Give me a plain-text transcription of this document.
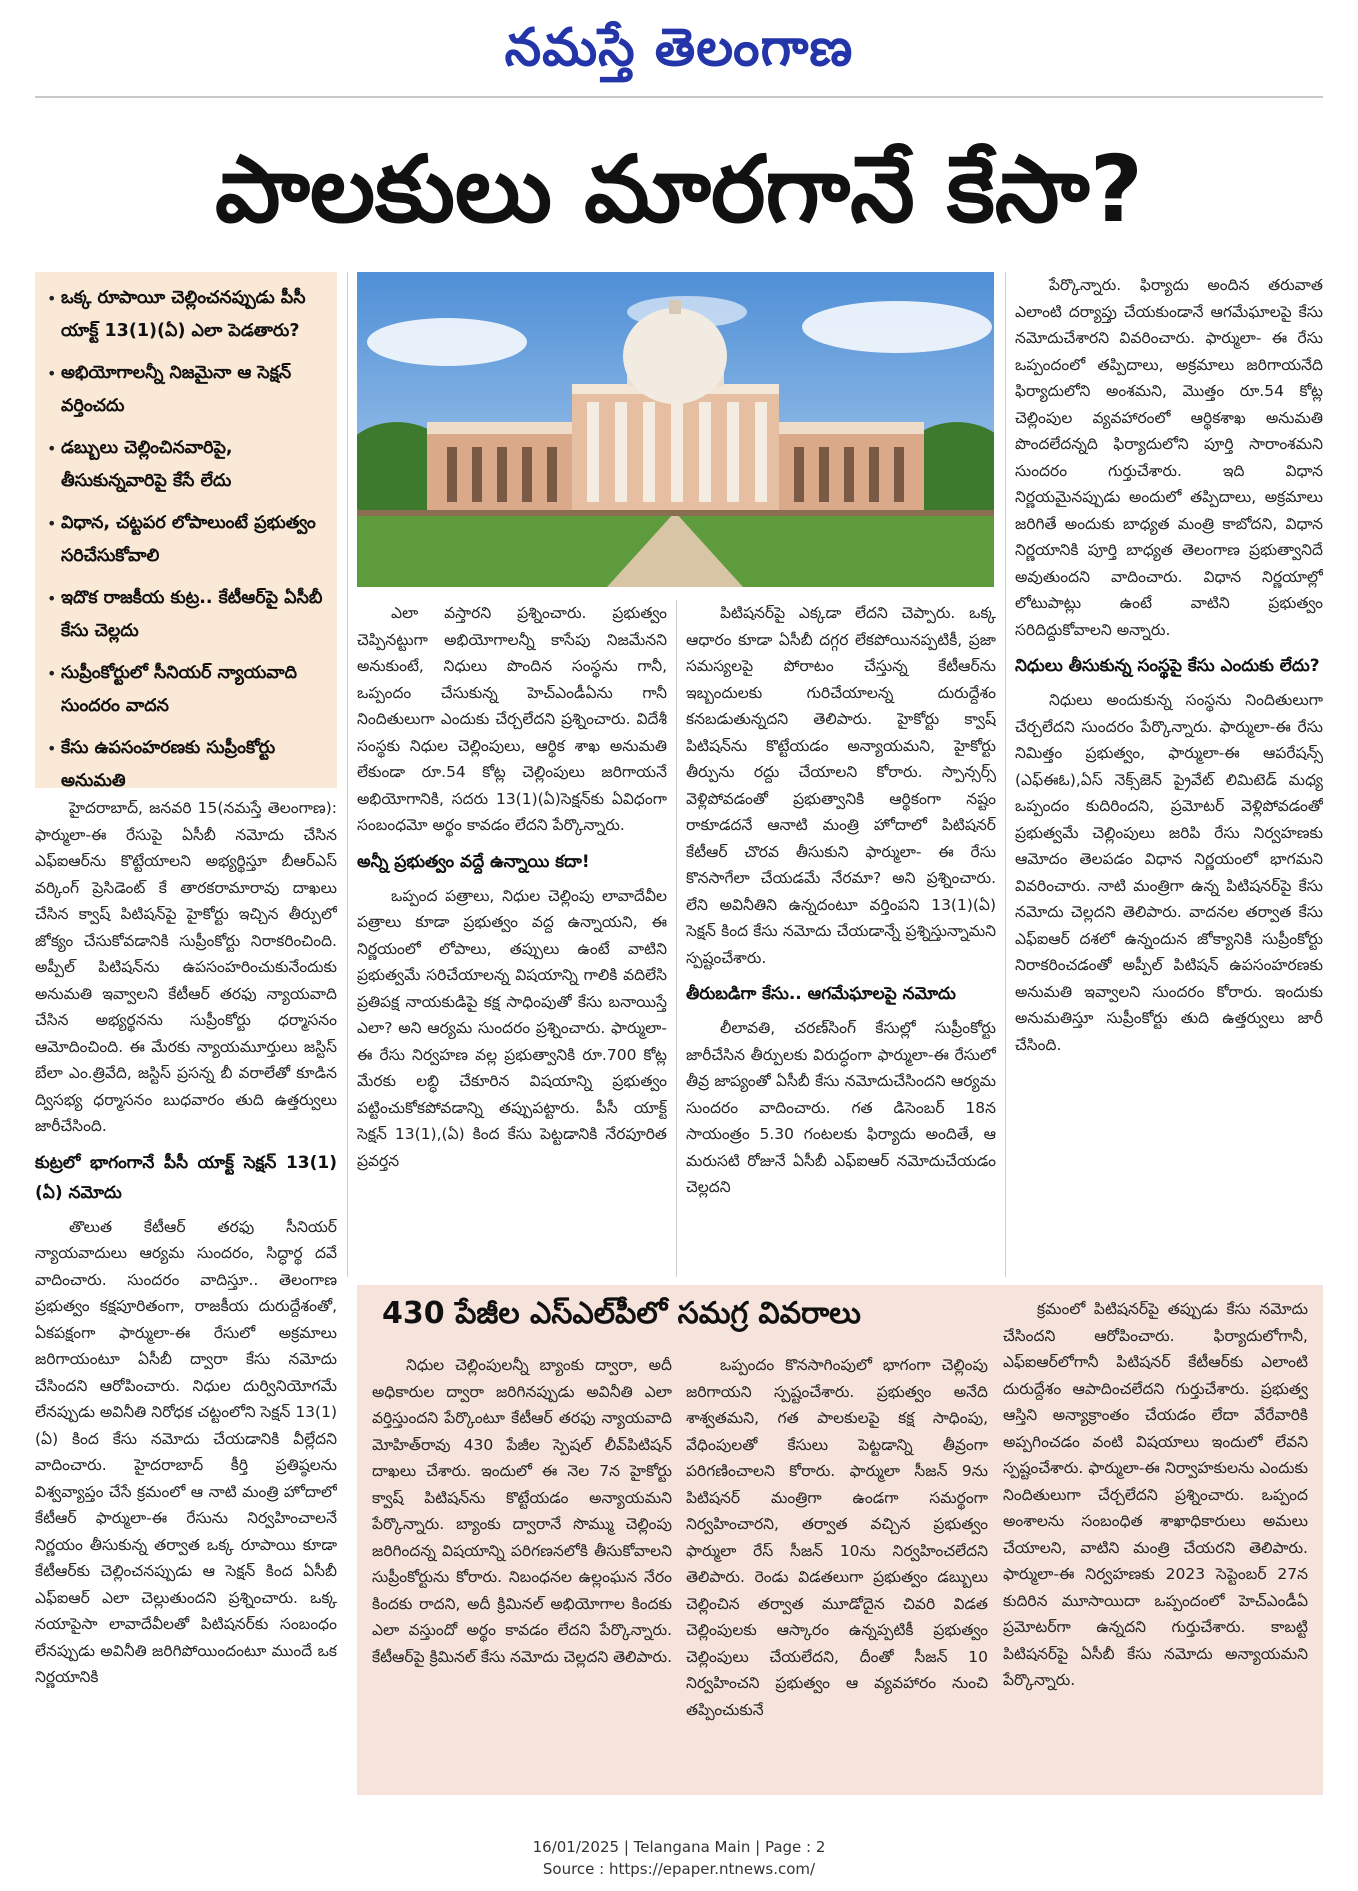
నమస్తే తెలంగాణ
పాలకులు మారగానే కేసా?
• ఒక్క రూపాయీ చెల్లించనప్పుడు పీసీ యాక్ట్ 13(1)(ఏ) ఎలా పెడతారు?
• అభియోగాలన్నీ నిజమైనా ఆ సెక్షన్ వర్తించదు
• డబ్బులు చెల్లించినవారిపై, తీసుకున్నవారిపై కేసే లేదు
• విధాన, చట్టపర లోపాలుంటే ప్రభుత్వం సరిచేసుకోవాలి
• ఇదొక రాజకీయ కుట్ర.. కేటీఆర్‌పై ఏసీబీ కేసు చెల్లదు
• సుప్రీంకోర్టులో సీనియర్ న్యాయవాది సుందరం వాదన
• కేసు ఉపసంహరణకు సుప్రీంకోర్టు అనుమతి

హైదరాబాద్, జనవరి 15(నమస్తే తెలంగాణ): ఫార్ములా-ఈ రేసుపై ఏసీబీ నమోదు చేసిన ఎఫ్ఐఆర్‌ను కొట్టేయాలని అభ్యర్థిస్తూ బీఆర్ఎస్ వర్కింగ్ ప్రెసిడెంట్ కే తారకరామారావు దాఖలు చేసిన క్వాష్ పిటిషన్‌పై హైకోర్టు ఇచ్చిన తీర్పులో జోక్యం చేసుకోవడానికి సుప్రీంకోర్టు నిరాకరించింది. అప్పీల్ పిటిషన్‌ను ఉపసంహరించుకునేందుకు అనుమతి ఇవ్వాలని కేటీఆర్ తరఫు న్యాయవాది చేసిన అభ్యర్థనను సుప్రీంకోర్టు ధర్మాసనం ఆమోదించింది. ఈ మేరకు న్యాయమూర్తులు జస్టిస్ బేలా ఎం.త్రివేది, జస్టిస్ ప్రసన్న బీ వరాలేతో కూడిన ద్విసభ్య ధర్మాసనం బుధవారం తుది ఉత్తర్వులు జారీచేసింది.

కుట్రలో భాగంగానే పీసీ యాక్ట్ సెక్షన్ 13(1)(ఏ) నమోదు

తొలుత కేటీఆర్ తరఫు సీనియర్ న్యాయవాదులు ఆర్యమ సుందరం, సిద్ధార్థ దవే వాదించారు. సుందరం వాదిస్తూ.. తెలంగాణ ప్రభుత్వం కక్షపూరితంగా, రాజకీయ దురుద్దేశంతో, ఏకపక్షంగా ఫార్ములా-ఈ రేసులో అక్రమాలు జరిగాయంటూ ఏసీబీ ద్వారా కేసు నమోదు చేసిందని ఆరోపించారు. నిధుల దుర్వినియోగమే లేనప్పుడు అవినీతి నిరోధక చట్టంలోని సెక్షన్ 13(1)(ఏ) కింద కేసు నమోదు చేయడానికి వీల్లేదని వాదించారు. హైదరాబాద్ కీర్తి ప్రతిష్ఠలను విశ్వవ్యాప్తం చేసే క్రమంలో ఆ నాటి మంత్రి హోదాలో కేటీఆర్ ఫార్ములా-ఈ రేసును నిర్వహించాలనే నిర్ణయం తీసుకున్న తర్వాత ఒక్క రూపాయి కూడా కేటీఆర్‌కు చెల్లించనప్పుడు ఆ సెక్షన్ కింద ఏసీబీ ఎఫ్ఐఆర్ ఎలా చెల్లుతుందని ప్రశ్నించారు. ఒక్క నయాపైసా లావాదేవీలతో పిటిషనర్‌కు సంబంధం లేనప్పుడు అవినీతి జరిగిపోయిందంటూ ముందే ఒక నిర్ణయానికి

ఎలా వస్తారని ప్రశ్నించారు. ప్రభుత్వం చెప్పినట్టుగా అభియోగాలన్నీ కాసేపు నిజమేనని అనుకుంటే, నిధులు పొందిన సంస్థను గానీ, ఒప్పందం చేసుకున్న హెచ్ఎండీఏను గానీ నిందితులుగా ఎందుకు చేర్చలేదని ప్రశ్నించారు. విదేశీ సంస్థకు నిధుల చెల్లింపులు, ఆర్థిక శాఖ అనుమతి లేకుండా రూ.54 కోట్ల చెల్లింపులు జరిగాయనే అభియోగానికి, సదరు 13(1)(ఏ)సెక్షన్‌కు ఏవిధంగా సంబంధమో అర్థం కావడం లేదని పేర్కొన్నారు.

అన్నీ ప్రభుత్వం వద్దే ఉన్నాయి కదా!

ఒప్పంద పత్రాలు, నిధుల చెల్లింపు లావాదేవీల పత్రాలు కూడా ప్రభుత్వం వద్ద ఉన్నాయని, ఈ నిర్ణయంలో లోపాలు, తప్పులు ఉంటే వాటిని ప్రభుత్వమే సరిచేయాలన్న విషయాన్ని గాలికి వదిలేసి ప్రతిపక్ష నాయకుడిపై కక్ష సాధింపుతో కేసు బనాయిస్తే ఎలా? అని ఆర్యమ సుందరం ప్రశ్నించారు. ఫార్ములా- ఈ రేసు నిర్వహణ వల్ల ప్రభుత్వానికి రూ.700 కోట్ల మేరకు లబ్ధి చేకూరిన విషయాన్ని ప్రభుత్వం పట్టించుకోకపోవడాన్ని తప్పుపట్టారు. పీసీ యాక్ట్ సెక్షన్ 13(1),(ఏ) కింద కేసు పెట్టడానికి నేరపూరిత ప్రవర్తన

పిటిషనర్‌పై ఎక్కడా లేదని చెప్పారు. ఒక్క ఆధారం కూడా ఏసీబీ దగ్గర లేకపోయినప్పటికీ, ప్రజా సమస్యలపై పోరాటం చేస్తున్న కేటీఆర్‌ను ఇబ్బందులకు గురిచేయాలన్న దురుద్దేశం కనబడుతున్నదని తెలిపారు. హైకోర్టు క్వాష్ పిటిషన్‌ను కొట్టేయడం అన్యాయమని, హైకోర్టు తీర్పును రద్దు చేయాలని కోరారు. స్పాన్సర్స్ వెళ్లిపోవడంతో ప్రభుత్వానికి ఆర్థికంగా నష్టం రాకూడదనే ఆనాటి మంత్రి హోదాలో పిటిషనర్ కేటీఆర్ చొరవ తీసుకుని ఫార్ములా- ఈ రేసు కొనసాగేలా చేయడమే నేరమా? అని ప్రశ్నించారు. లేని అవినీతిని ఉన్నదంటూ వర్తింపని 13(1)(ఏ) సెక్షన్ కింద కేసు నమోదు చేయడాన్నే ప్రశ్నిస్తున్నామని స్పష్టంచేశారు.

తీరుబడిగా కేసు.. ఆగమేఘాలపై నమోదు

లీలావతి, చరణ్‌సింగ్ కేసుల్లో సుప్రీంకోర్టు జారీచేసిన తీర్పులకు విరుద్ధంగా ఫార్ములా-ఈ రేసులో తీవ్ర జాప్యంతో ఏసీబీ కేసు నమోదుచేసిందని ఆర్యమ సుందరం వాదించారు. గత డిసెంబర్ 18న సాయంత్రం 5.30 గంటలకు ఫిర్యాదు అందితే, ఆ మరుసటి రోజునే ఏసీబీ ఎఫ్ఐఆర్ నమోదుచేయడం చెల్లదని

పేర్కొన్నారు. ఫిర్యాదు అందిన తరువాత ఎలాంటి దర్యాప్తు చేయకుండానే ఆగమేఘాలపై కేసు నమోదుచేశారని వివరించారు. ఫార్ములా- ఈ రేసు ఒప్పందంలో తప్పిదాలు, అక్రమాలు జరిగాయనేది ఫిర్యాదులోని అంశమని, మొత్తం రూ.54 కోట్ల చెల్లింపుల వ్యవహారంలో ఆర్థికశాఖ అనుమతి పొందలేదన్నది ఫిర్యాదులోని పూర్తి సారాంశమని సుందరం గుర్తుచేశారు. ఇది విధాన నిర్ణయమైనప్పుడు అందులో తప్పిదాలు, అక్రమాలు జరిగితే అందుకు బాధ్యత మంత్రి కాబోదని, విధాన నిర్ణయానికి పూర్తి బాధ్యత తెలంగాణ ప్రభుత్వానిదే అవుతుందని వాదించారు. విధాన నిర్ణయాల్లో లోటుపాట్లు ఉంటే వాటిని ప్రభుత్వం సరిదిద్దుకోవాలని అన్నారు.

నిధులు తీసుకున్న సంస్థపై కేసు ఎందుకు లేదు?

నిధులు అందుకున్న సంస్థను నిందితులుగా చేర్చలేదని సుందరం పేర్కొన్నారు. ఫార్ములా-ఈ రేసు నిమిత్తం ప్రభుత్వం, ఫార్ములా-ఈ ఆపరేషన్స్ (ఎఫ్ఈఓ),ఏస్ నెక్స్‌జెన్ ప్రైవేట్ లిమిటెడ్ మధ్య ఒప్పందం కుదిరిందని, ప్రమోటర్ వెళ్లిపోవడంతో ప్రభుత్వమే చెల్లింపులు జరిపి రేసు నిర్వహణకు ఆమోదం తెలపడం విధాన నిర్ణయంలో భాగమని వివరించారు. నాటి మంత్రిగా ఉన్న పిటిషనర్‌పై కేసు నమోదు చెల్లదని తెలిపారు. వాదనల తర్వాత కేసు ఎఫ్ఐఆర్ దశలో ఉన్నందున జోక్యానికి సుప్రీంకోర్టు నిరాకరించడంతో అప్పీల్ పిటిషన్ ఉపసంహరణకు అనుమతి ఇవ్వాలని సుందరం కోరారు. ఇందుకు అనుమతిస్తూ సుప్రీంకోర్టు తుది ఉత్తర్వులు జారీ చేసింది.

430 పేజీల ఎస్ఎల్‌పీలో సమగ్ర వివరాలు

నిధుల చెల్లింపులన్నీ బ్యాంకు ద్వారా, అదీ అధికారుల ద్వారా జరిగినప్పుడు అవినీతి ఎలా వర్తిస్తుందని పేర్కొంటూ కేటీఆర్ తరఫు న్యాయవాది మోహిత్‌రావు 430 పేజీల స్పెషల్ లీవ్‌పిటిషన్ దాఖలు చేశారు. ఇందులో ఈ నెల 7న హైకోర్టు క్వాష్ పిటిషన్‌ను కొట్టేయడం అన్యాయమని పేర్కొన్నారు. బ్యాంకు ద్వారానే సొమ్ము చెల్లింపు జరిగిందన్న విషయాన్ని పరిగణనలోకి తీసుకోవాలని సుప్రీంకోర్టును కోరారు. నిబంధనల ఉల్లంఘన నేరం కిందకు రాదని, అదీ క్రిమినల్ అభియోగాల కిందకు ఎలా వస్తుందో అర్థం కావడం లేదని పేర్కొన్నారు. కేటీఆర్‌పై క్రిమినల్ కేసు నమోదు చెల్లదని తెలిపారు.

ఒప్పందం కొనసాగింపులో భాగంగా చెల్లింపు జరిగాయని స్పష్టంచేశారు. ప్రభుత్వం అనేది శాశ్వతమని, గత పాలకులపై కక్ష సాధింపు, వేధింపులతో కేసులు పెట్టడాన్ని తీవ్రంగా పరిగణించాలని కోరారు. ఫార్ములా సీజన్ 9ను పిటిషనర్ మంత్రిగా ఉండగా సమర్థంగా నిర్వహించారని, తర్వాత వచ్చిన ప్రభుత్వం ఫార్ములా రేస్ సీజన్ 10ను నిర్వహించలేదని తెలిపారు. రెండు విడతలుగా ప్రభుత్వం డబ్బులు చెల్లించిన తర్వాత మూడోదైన చివరి విడత చెల్లింపులకు ఆస్కారం ఉన్నప్పటికీ ప్రభుత్వం చెల్లింపులు చేయలేదని, దీంతో సీజన్ 10 నిర్వహించని ప్రభుత్వం ఆ వ్యవహారం నుంచి తప్పించుకునే

క్రమంలో పిటిషనర్‌పై తప్పుడు కేసు నమోదు చేసిందని ఆరోపించారు. ఫిర్యాదులోగానీ, ఎఫ్ఐఆర్‌లోగానీ పిటిషనర్ కేటీఆర్‌కు ఎలాంటి దురుద్దేశం ఆపాదించలేదని గుర్తుచేశారు. ప్రభుత్వ ఆస్తిని అన్యాక్రాంతం చేయడం లేదా వేరేవారికి అప్పగించడం వంటి విషయాలు ఇందులో లేవని స్పష్టంచేశారు. ఫార్ములా-ఈ నిర్వాహకులను ఎందుకు నిందితులుగా చేర్చలేదని ప్రశ్నించారు. ఒప్పంద అంశాలను సంబంధిత శాఖాధికారులు అమలు చేయాలని, వాటిని మంత్రి చేయరని తెలిపారు. ఫార్ములా-ఈ నిర్వహణకు 2023 సెప్టెంబర్ 27న కుదిరిన మూసాయిదా ఒప్పందంలో హెచ్ఎండీఏ ప్రమోటర్‌గా ఉన్నదని గుర్తుచేశారు. కాబట్టి పిటిషనర్‌పై ఏసీబీ కేసు నమోదు అన్యాయమని పేర్కొన్నారు.

16/01/2025 | Telangana Main | Page : 2
Source : https://epaper.ntnews.com/
